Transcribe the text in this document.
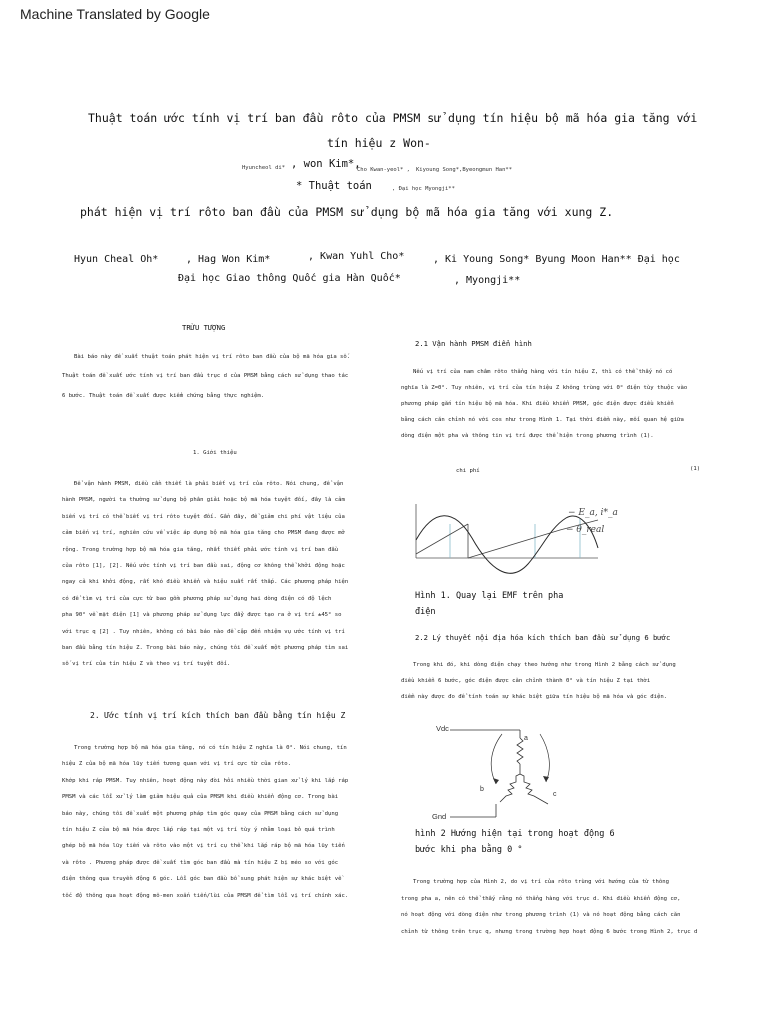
Machine Translated by Google
Thuật toán ước tính vị trí ban đầu rôto của PMSM sử dụng tín hiệu bộ mã hóa gia tăng với
tín hiệu z Won-
Hyuncheol di* , won Kim*,
Cho Kwan-yeol* , Kiyoung Song*,Byeongmun Han**
* Thuật toán	, Đại học Myongji**
phát hiện vị trí rôto ban đầu của PMSM sử dụng bộ mã hóa gia tăng với xung Z.
Hyun Cheal Oh*	, Hag Won Kim*	, Kwan Yuhl Cho*	, Ki Young Song* Byung Moon Han** Đại học
Đại học Giao thông Quốc gia Hàn Quốc*	, Myongji**
TRỪU TƯỢNG
Bài báo này đề xuất thuật toán phát hiện vị trí rôto ban đầu của bộ mã hóa gia số.
Thuật toán đề xuất ước tính vị trí ban đầu trục d của PMSM bằng cách sử dụng thao tác
6 bước. Thuật toán đề xuất được kiểm chứng bằng thực nghiệm.
1. Giới thiệu
Để vận hành PMSM, điều cần thiết là phải biết vị trí của rôto. Nói chung, để vận
hành PMSM, người ta thường sử dụng bộ phân giải hoặc bộ mã hóa tuyệt đối, đây là cảm
biến vị trí có thể biết vị trí rôto tuyệt đối. Gần đây, để giảm chi phí vật liệu của
cảm biến vị trí, nghiên cứu về việc áp dụng bộ mã hóa gia tăng cho PMSM đang được mở
rộng. Trong trường hợp bộ mã hóa gia tăng, nhất thiết phải ước tính vị trí ban đầu
của rôto [1], [2]. Nếu ước tính vị trí ban đầu sai, động cơ không thể khởi động hoặc
ngay cả khi khởi động, rất khó điều khiển và hiệu suất rất thấp. Các phương pháp hiện
có để tìm vị trí của cực từ bao gồm phương pháp sử dụng hai dòng điện có độ lệch
pha 90° về mặt điện [1] và phương pháp sử dụng lực đẩy được tạo ra ở vị trí ±45° so
với trục q [2] . Tuy nhiên, không có bài báo nào đề cập đến nhiệm vụ ước tính vị trí
ban đầu bằng tín hiệu Z. Trong bài báo này, chúng tôi đề xuất một phương pháp tìm sai
số vị trí của tín hiệu Z và theo vị trí tuyệt đối.
2. Ước tính vị trí kích thích ban đầu bằng tín hiệu Z
Trong trường hợp bộ mã hóa gia tăng, nó có tín hiệu Z nghĩa là 0°. Nói chung, tín
hiệu Z của bộ mã hóa lũy tiến tương quan với vị trí cực từ của rôto.
Khớp khi ráp PMSM. Tuy nhiên, hoạt động này đòi hỏi nhiều thời gian xử lý khi lắp ráp
PMSM và các lỗi xử lý làm giảm hiệu quả của PMSM khi điều khiển động cơ. Trong bài
báo này, chúng tôi đề xuất một phương pháp tìm góc quay của PMSM bằng cách sử dụng
tín hiệu Z của bộ mã hóa được lắp ráp tại một vị trí tùy ý nhằm loại bỏ quá trình
ghép bộ mã hóa lũy tiến và rôto vào một vị trí cụ thể khi lắp ráp bộ mã hóa lũy tiến
và rôto . Phương pháp được đề xuất tìm góc ban đầu mà tín hiệu Z bị méo so với góc
điện thông qua truyền động 6 góc. Lỗi góc ban đầu bổ sung phát hiện sự khác biệt về
tốc độ thông qua hoạt động mô-men xoắn tiến/lùi của PMSM để tìm lỗi vị trí chính xác.
2.1 Vận hành PMSM điển hình
Nếu vị trí của nam châm rôto thẳng hàng với tín hiệu Z, thì có thể thấy nó có
nghĩa là Z=0°. Tuy nhiên, vị trí của tín hiệu Z không trùng với 0° điện tùy thuộc vào
phương pháp gắn tín hiệu bộ mã hóa. Khi điều khiển PMSM, góc điện được điều khiển
bằng cách căn chỉnh nó với cos như trong Hình 1. Tại thời điểm này, mối quan hệ giữa
dòng điện một pha và thông tin vị trí được thể hiện trong phương trình (1).
chi phí	(1)
− E_a, i*_a
− θ_real
Hình 1. Quay lại EMF trên pha
điện
2.2 Lý thuyết nội địa hóa kích thích ban đầu sử dụng 6 bước
Trong khi đó, khi dòng điện chạy theo hướng như trong Hình 2 bằng cách sử dụng
điều khiển 6 bước, góc điện được căn chỉnh thành 0° và tín hiệu Z tại thời
điểm này được đo để tính toán sự khác biệt giữa tín hiệu bộ mã hóa và góc điện.
Vdc
Gnd
a
b
c
hình 2 Hướng hiện tại trong hoạt động 6
bước khi pha bằng 0 °
Trong trường hợp của Hình 2, do vị trí của rôto trùng với hướng của từ thông
trong pha a, nên có thể thấy rằng nó thẳng hàng với trục d. Khi điều khiển động cơ,
nó hoạt động với dòng điện như trong phương trình (1) và nó hoạt động bằng cách căn
chỉnh từ thông trên trục q, nhưng trong trường hợp hoạt động 6 bước trong Hình 2, trục d
